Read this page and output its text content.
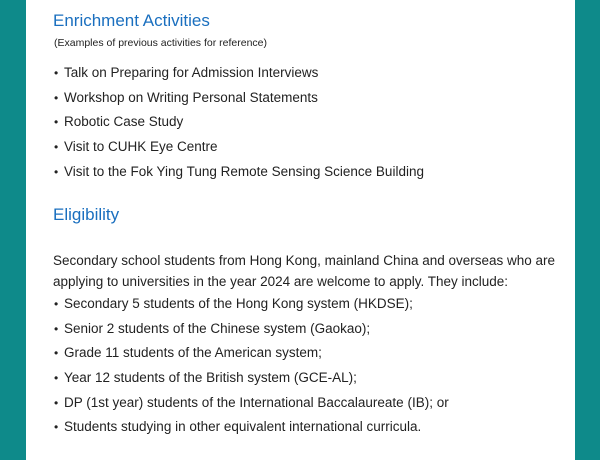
Enrichment Activities
(Examples of previous activities for reference)
• Talk on Preparing for Admission Interviews
• Workshop on Writing Personal Statements
• Robotic Case Study
• Visit to CUHK Eye Centre
• Visit to the Fok Ying Tung Remote Sensing Science Building
Eligibility

Secondary school students from Hong Kong, mainland China and overseas who are applying to universities in the year 2024 are welcome to apply. They include:

• Secondary 5 students of the Hong Kong system (HKDSE);
• Senior 2 students of the Chinese system (Gaokao);
• Grade 11 students of the American system;
• Year 12 students of the British system (GCE-AL);
• DP (1st year) students of the International Baccalaureate (IB); or
• Students studying in other equivalent international curricula.
